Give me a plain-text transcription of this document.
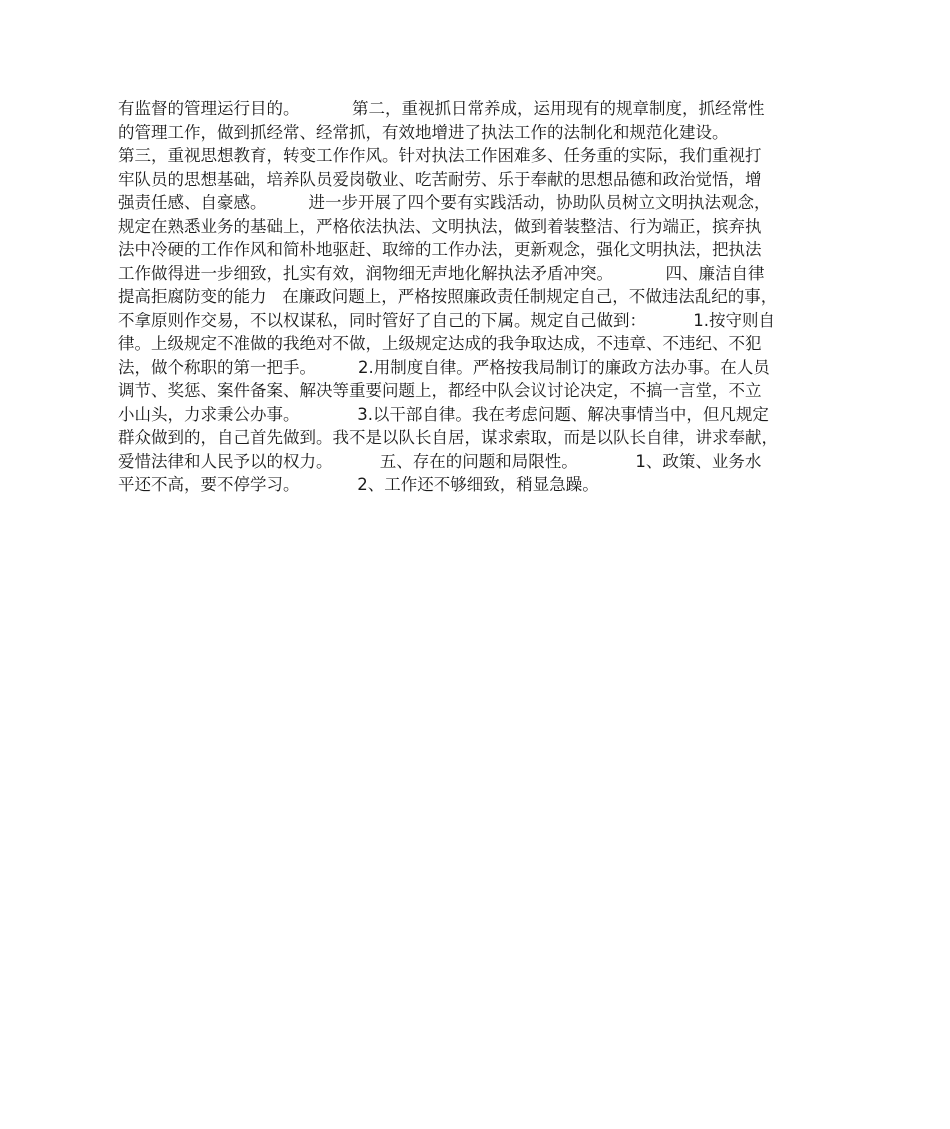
有监督的管理运行目的。          第二，重视抓日常养成，运用现有的规章制度，抓经常性
的管理工作，做到抓经常、经常抓，有效地增进了执法工作的法制化和规范化建设。
第三，重视思想教育，转变工作作风。针对执法工作困难多、任务重的实际，我们重视打
牢队员的思想基础，培养队员爱岗敬业、吃苦耐劳、乐于奉献的思想品德和政治觉悟，增
强责任感、自豪感。        进一步开展了四个要有实践活动，协助队员树立文明执法观念，
规定在熟悉业务的基础上，严格依法执法、文明执法，做到着装整洁、行为端正，摈弃执
法中冷硬的工作作风和简朴地驱赶、取缔的工作办法，更新观念，强化文明执法，把执法
工作做得进一步细致，扎实有效，润物细无声地化解执法矛盾冲突。          四、廉洁自律
提高拒腐防变的能力   在廉政问题上，严格按照廉政责任制规定自己，不做违法乱纪的事，
不拿原则作交易，不以权谋私，同时管好了自己的下属。规定自己做到：         1.按守则自
律。上级规定不准做的我绝对不做，上级规定达成的我争取达成，不违章、不违纪、不犯
法，做个称职的第一把手。        2.用制度自律。严格按我局制订的廉政方法办事。在人员
调节、奖惩、案件备案、解决等重要问题上，都经中队会议讨论决定，不搞一言堂，不立
小山头，力求秉公办事。           3.以干部自律。我在考虑问题、解决事情当中，但凡规定
群众做到的，自己首先做到。我不是以队长自居，谋求索取，而是以队长自律，讲求奉献，
爱惜法律和人民予以的权力。         五、存在的问题和局限性。           1、政策、业务水
平还不高，要不停学习。           2、工作还不够细致，稍显急躁。
